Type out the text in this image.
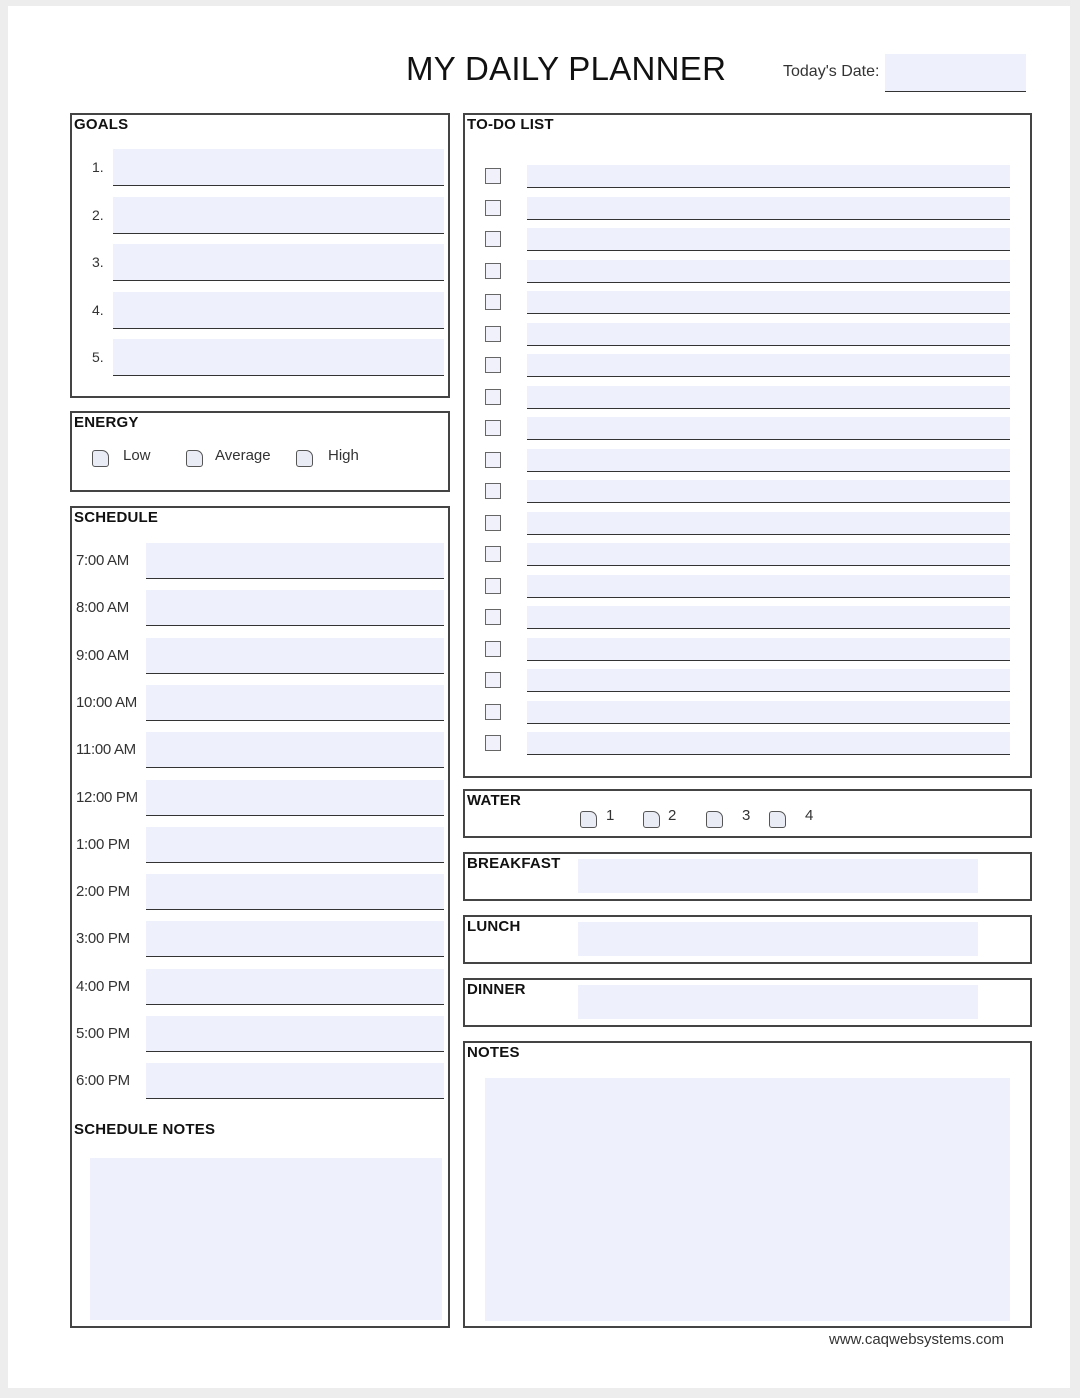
MY DAILY PLANNER	Today's Date:
GOALS
1.
2.
3.
4.
5.
ENERGY
Low	Average	High
SCHEDULE
7:00 AM
8:00 AM
9:00 AM
10:00 AM
11:00 AM
12:00 PM
1:00 PM
2:00 PM
3:00 PM
4:00 PM
5:00 PM
6:00 PM
SCHEDULE NOTES
TO-DO LIST
WATER
1	2	3	4
BREAKFAST
LUNCH
DINNER
NOTES
www.caqwebsystems.com
